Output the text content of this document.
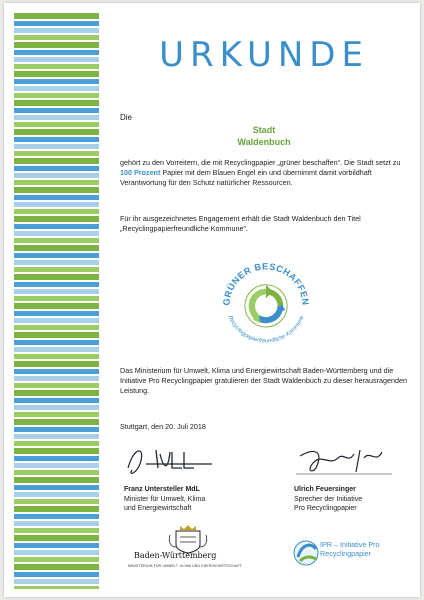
URKUNDE
Die
Stadt
Waldenbuch
gehört zu den Vorreitern, die mit Recyclingpapier „grüner beschaffen“. Die Stadt setzt zu 100 Prozent Papier mit dem Blauen Engel ein und übernimmt damit vorbildhaft Verantwortung für den Schutz natürlicher Ressourcen.
Für ihr ausgezeichnetes Engagement erhält die Stadt Waldenbuch den Titel „Recyclingpapierfreundliche Kommune“.
GRÜNER BESCHAFFEN
Recyclingpapierfreundliche Kommune
Das Ministerium für Umwelt, Klima und Energiewirtschaft Baden-Württemberg und die Initiative Pro Recyclingpapier gratulieren der Stadt Waldenbuch zu dieser herausragenden Leistung.
Stuttgart, den 20. Juli 2018
Franz Untersteller MdL
Minister für Umwelt, Klima
und Energiewirtschaft
Ulrich Feuersinger
Sprecher der Initiative
Pro Recyclingpapier
Baden-Württemberg
MINISTERIUM FÜR UMWELT, KLIMA UND ENERGIEWIRTSCHAFT
IPR – Initiative Pro
Recyclingpapier
